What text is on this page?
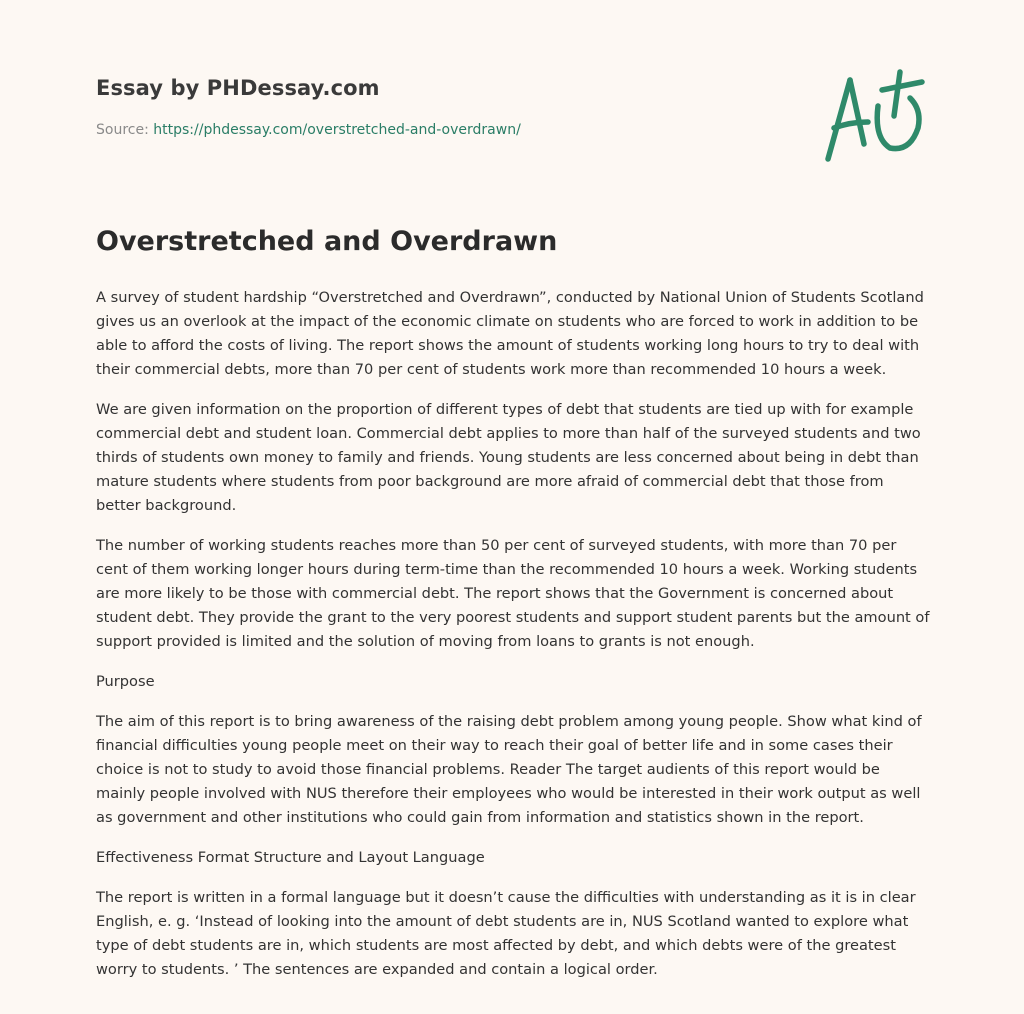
Essay by PHDessay.com
Source: https://phdessay.com/overstretched-and-overdrawn/
Overstretched and Overdrawn

A survey of student hardship “Overstretched and Overdrawn”, conducted by National Union of Students Scotland gives us an overlook at the impact of the economic climate on students who are forced to work in addition to be able to afford the costs of living. The report shows the amount of students working long hours to try to deal with their commercial debts, more than 70 per cent of students work more than recommended 10 hours a week.

We are given information on the proportion of different types of debt that students are tied up with for example commercial debt and student loan. Commercial debt applies to more than half of the surveyed students and two thirds of students own money to family and friends. Young students are less concerned about being in debt than mature students where students from poor background are more afraid of commercial debt that those from better background.

The number of working students reaches more than 50 per cent of surveyed students, with more than 70 per cent of them working longer hours during term-time than the recommended 10 hours a week. Working students are more likely to be those with commercial debt. The report shows that the Government is concerned about student debt. They provide the grant to the very poorest students and support student parents but the amount of support provided is limited and the solution of moving from loans to grants is not enough.

Purpose

The aim of this report is to bring awareness of the raising debt problem among young people. Show what kind of financial difficulties young people meet on their way to reach their goal of better life and in some cases their choice is not to study to avoid those financial problems. Reader The target audients of this report would be mainly people involved with NUS therefore their employees who would be interested in their work output as well as government and other institutions who could gain from information and statistics shown in the report.

Effectiveness Format Structure and Layout Language

The report is written in a formal language but it doesn’t cause the difficulties with understanding as it is in clear English, e. g. ‘Instead of looking into the amount of debt students are in, NUS Scotland wanted to explore what type of debt students are in, which students are most affected by debt, and which debts were of the greatest worry to students. ’ The sentences are expanded and contain a logical order.
